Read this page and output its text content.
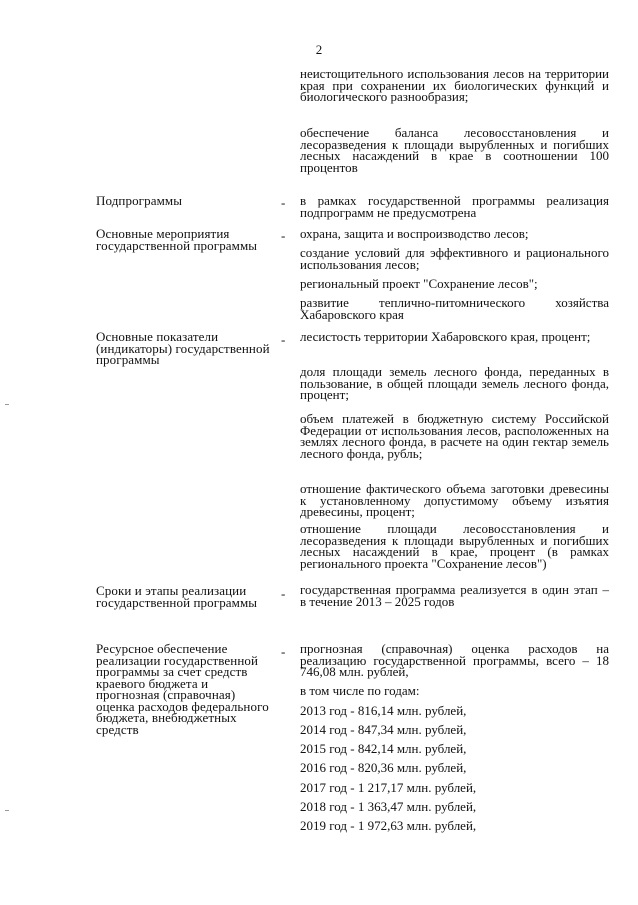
2
неистощительного использования лесов на территории края при сохранении их биологических функций и биологического разнообразия;
обеспечение баланса лесовосстановления и лесоразведения к площади вырубленных и погибших лесных насаждений в крае в соотношении 100 процентов
Подпрограммы	- в рамках государственной программы реализация подпрограмм не предусмотрена
Основные мероприятия государственной программы
- охрана, защита и воспроизводство лесов;
создание условий для эффективного и рационального использования лесов;
региональный проект "Сохранение лесов";
развитие теплично-питомнического хозяйства Хабаровского края
Основные показатели (индикаторы) государственной программы
- лесистость территории Хабаровского края, процент;
доля площади земель лесного фонда, переданных в пользование, в общей площади земель лесного фонда, процент;
объем платежей в бюджетную систему Российской Федерации от использования лесов, расположенных на землях лесного фонда, в расчете на один гектар земель лесного фонда, рубль;
отношение фактического объема заготовки древесины к установленному допустимому объему изъятия древесины, процент;
отношение площади лесовосстановления и лесоразведения к площади вырубленных и погибших лесных насаждений в крае, процент (в рамках регионального проекта "Сохранение лесов")
Сроки и этапы реализации государственной программы
- государственная программа реализуется в один этап – в течение 2013 – 2025 годов
Ресурсное обеспечение реализации государственной программы за счет средств краевого бюджета и прогнозная (справочная) оценка расходов федерального бюджета, внебюджетных средств
- прогнозная (справочная) оценка расходов на реализацию государственной программы, всего – 18 746,08 млн. рублей,
в том числе по годам:
2013 год - 816,14 млн. рублей,
2014 год - 847,34 млн. рублей,
2015 год - 842,14 млн. рублей,
2016 год - 820,36 млн. рублей,
2017 год - 1 217,17 млн. рублей,
2018 год - 1 363,47 млн. рублей,
2019 год - 1 972,63 млн. рублей,
